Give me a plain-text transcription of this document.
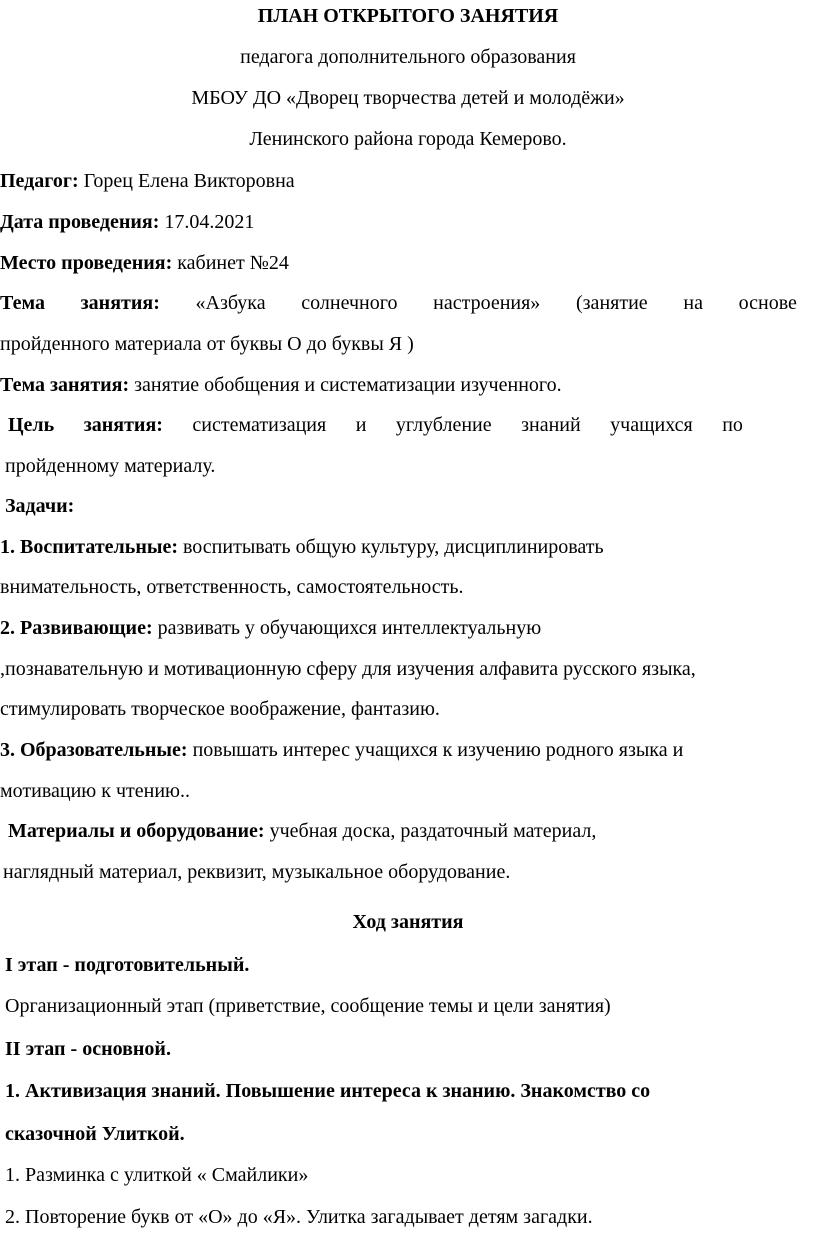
ПЛАН ОТКРЫТОГО ЗАНЯТИЯ
педагога дополнительного образования
МБОУ ДО «Дворец творчества детей и молодёжи»
Ленинского района города Кемерово.
Педагог: Горец Елена Викторовна
Дата проведения: 17.04.2021
Место проведения: кабинет №24
Тема занятия: «Азбука солнечного настроения» (занятие на основе
пройденного материала от буквы О до буквы Я )
Тема занятия: занятие обобщения и систематизации изученного.
Цель занятия: систематизация и углубление знаний учащихся по
пройденному материалу.
Задачи:
1. Воспитательные: воспитывать общую культуру, дисциплинировать
внимательность, ответственность, самостоятельность.
2. Развивающие: развивать у обучающихся интеллектуальную
,познавательную и мотивационную сферу для изучения алфавита русского языка,
стимулировать творческое воображение, фантазию.
3. Образовательные: повышать интерес учащихся к изучению родного языка и
мотивацию к чтению..
Материалы и оборудование: учебная доска, раздаточный материал,
наглядный материал, реквизит, музыкальное оборудование.
Ход занятия
I этап - подготовительный.
Организационный этап (приветствие, сообщение темы и цели занятия)
II этап - основной.
1. Активизация знаний. Повышение интереса к знанию. Знакомство со
сказочной Улиткой.
1. Разминка с улиткой « Смайлики»
2. Повторение букв от «О» до «Я». Улитка загадывает детям загадки.
